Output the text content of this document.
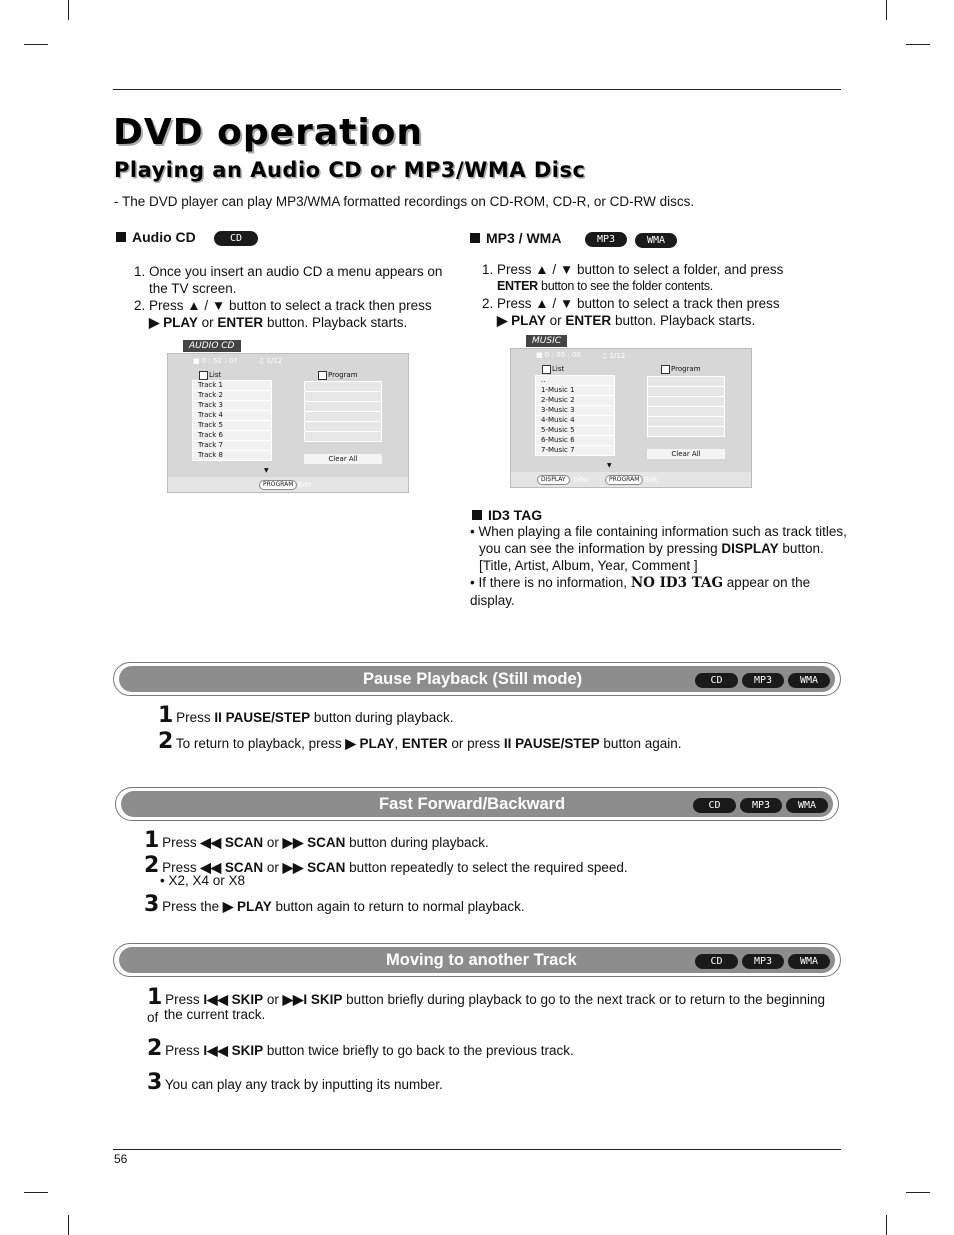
DVD operation
Playing an Audio CD or MP3/WMA Disc
- The DVD player can play MP3/WMA formatted recordings on CD-ROM, CD-R, or CD-RW discs.
Audio CD	CD

1. Once you insert an audio CD a menu appears on

the TV screen.

2. Press ▲ / ▼ button to select a track then press

▶ PLAY or ENTER button. Playback starts.

AUDIO CD
■ 0 : 52 : 07	♫ 1/12
List	Program
Track 1
Track 2
Track 3
Track 4
Track 5
Track 6
Track 7
Track 8	Clear All
▼
PROGRAM Edit
MP3 / WMA	MP3	WMA

1. Press ▲ / ▼ button to select a folder, and press

ENTER button to see the folder contents.

2. Press ▲ / ▼ button to select a track then press

▶ PLAY or ENTER button. Playback starts.

MUSIC
■ 0 : 00 : 00	♫ 1/12
List	Program
..
1-Music 1
2-Music 2
3-Music 3
4-Music 4
5-Music 5
6-Music 6
7-Music 7	Clear All
▼
DISPLAY	Info	PROGRAM Edit
ID3 TAG

• When playing a file containing information such as track titles,

you can see the information by pressing DISPLAY button.

[Title, Artist, Album, Year, Comment ]

• If there is no information, NO ID3 TAG appear on the display.

Pause Playback (Still mode)	CD	MP3	WMA
1 Press II PAUSE/STEP button during playback.
2 To return to playback, press ▶ PLAY, ENTER or press II PAUSE/STEP button again.
Fast Forward/Backward	CD	MP3	WMA
1 Press ◀◀ SCAN or ▶▶ SCAN button during playback.
2 Press ◀◀ SCAN or ▶▶ SCAN button repeatedly to select the required speed.
• X2, X4 or X8
3 Press the ▶ PLAY button again to return to normal playback.
Moving to another Track	CD	MP3	WMA
1 Press I◀◀ SKIP or ▶▶I SKIP button briefly during playback to go to the next track or to return to the beginning of the current track.
2 Press I◀◀ SKIP button twice briefly to go back to the previous track.
3 You can play any track by inputting its number.
56
